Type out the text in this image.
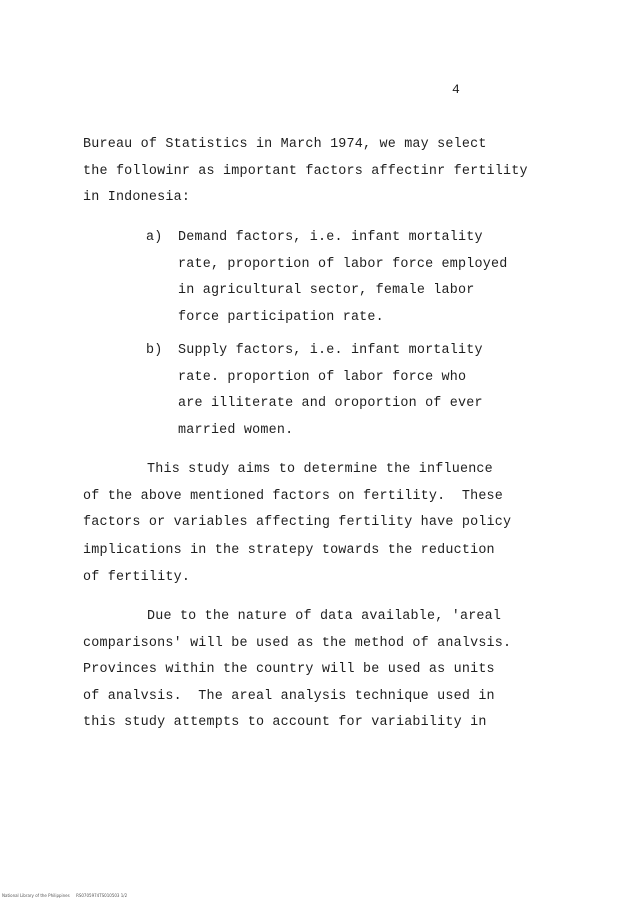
4
Bureau of Statistics in March 1974, we may select
the followinr as important factors affectinr fertility
in Indonesia:
a) Demand factors, i.e. infant mortality
rate, proportion of labor force employed
in agricultural sector, female labor
force participation rate.
b) Supply factors, i.e. infant mortality
rate. proportion of labor force who
are illiterate and oroportion of ever
married women.
This study aims to determine the influence
of the above mentioned factors on fertility.  These
factors or variables affecting fertility have policy
implications in the stratepy towards the reduction
of fertility.
Due to the nature of data available, 'areal
comparisons' will be used as the method of analvsis.
Provinces within the country will be used as units
of analvsis.  The areal analysis technique used in
this study attempts to account for variability in
National Library of the Philippines     RS0705974TS010503 1/2
